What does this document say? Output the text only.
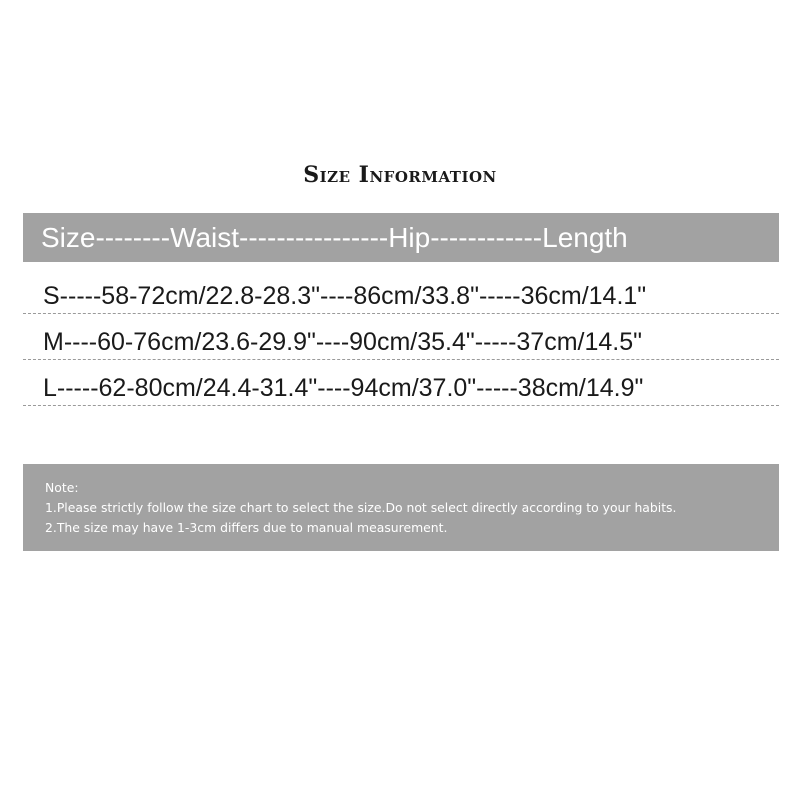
Size Information
Size--------Waist----------------Hip------------Length
S-----58-72cm/22.8-28.3"----86cm/33.8"-----36cm/14.1"
M----60-76cm/23.6-29.9"----90cm/35.4"-----37cm/14.5"
L-----62-80cm/24.4-31.4"----94cm/37.0"-----38cm/14.9"
Note:
1.Please strictly follow the size chart to select the size.Do not select directly according to your habits.
2.The size may have 1-3cm differs due to manual measurement.
